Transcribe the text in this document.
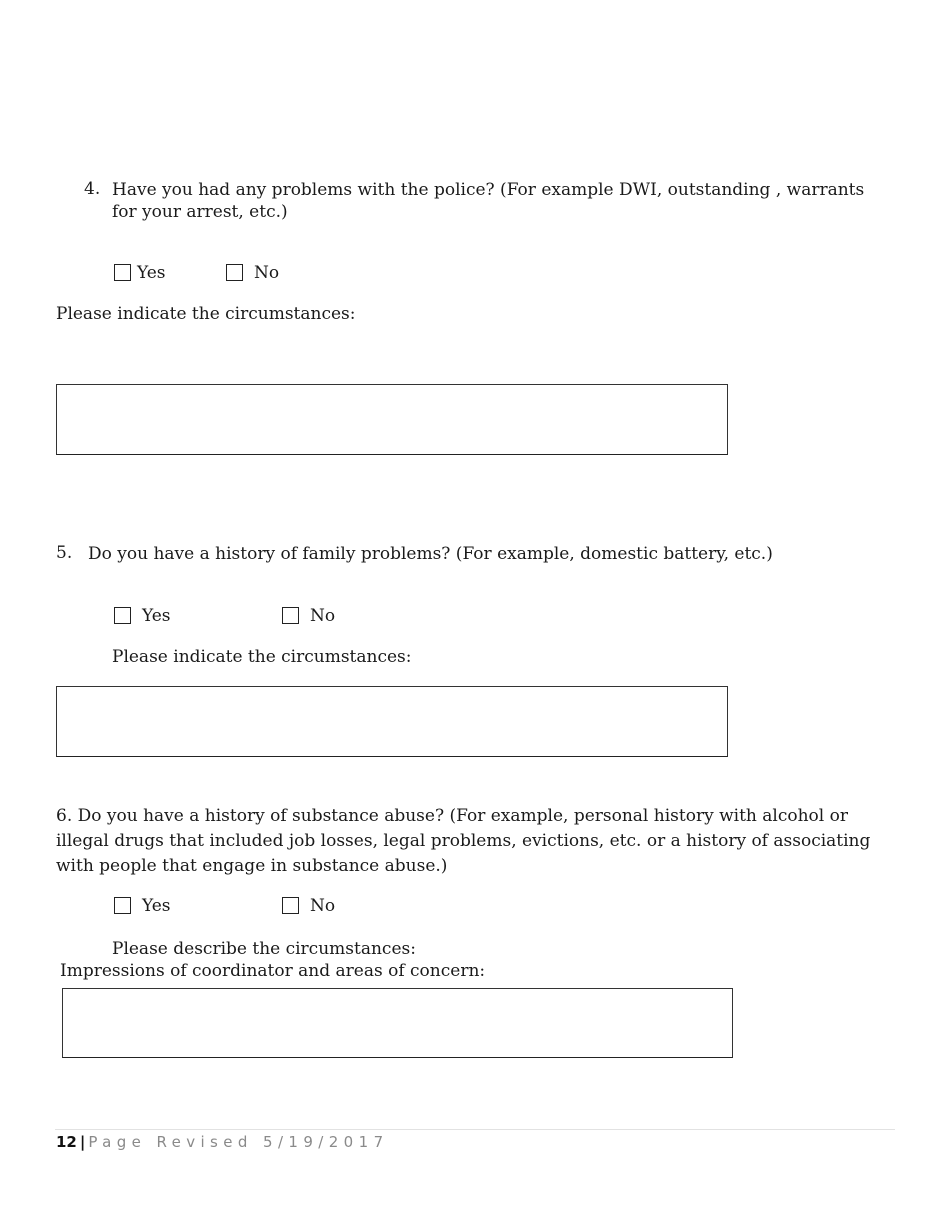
4. Have you had any problems with the police? (For example DWI, outstanding , warrants for your arrest, etc.)
Yes	No
Please indicate the circumstances:
5. Do you have a history of family problems? (For example, domestic battery, etc.)
Yes	No
Please indicate the circumstances:
6. Do you have a history of substance abuse? (For example, personal history with alcohol or illegal drugs that included job losses, legal problems, evictions, etc. or a history of associating with people that engage in substance abuse.)
Yes	No
Please describe the circumstances:
Impressions of coordinator and areas of concern:
12 | Page Revised 5/19/2017
